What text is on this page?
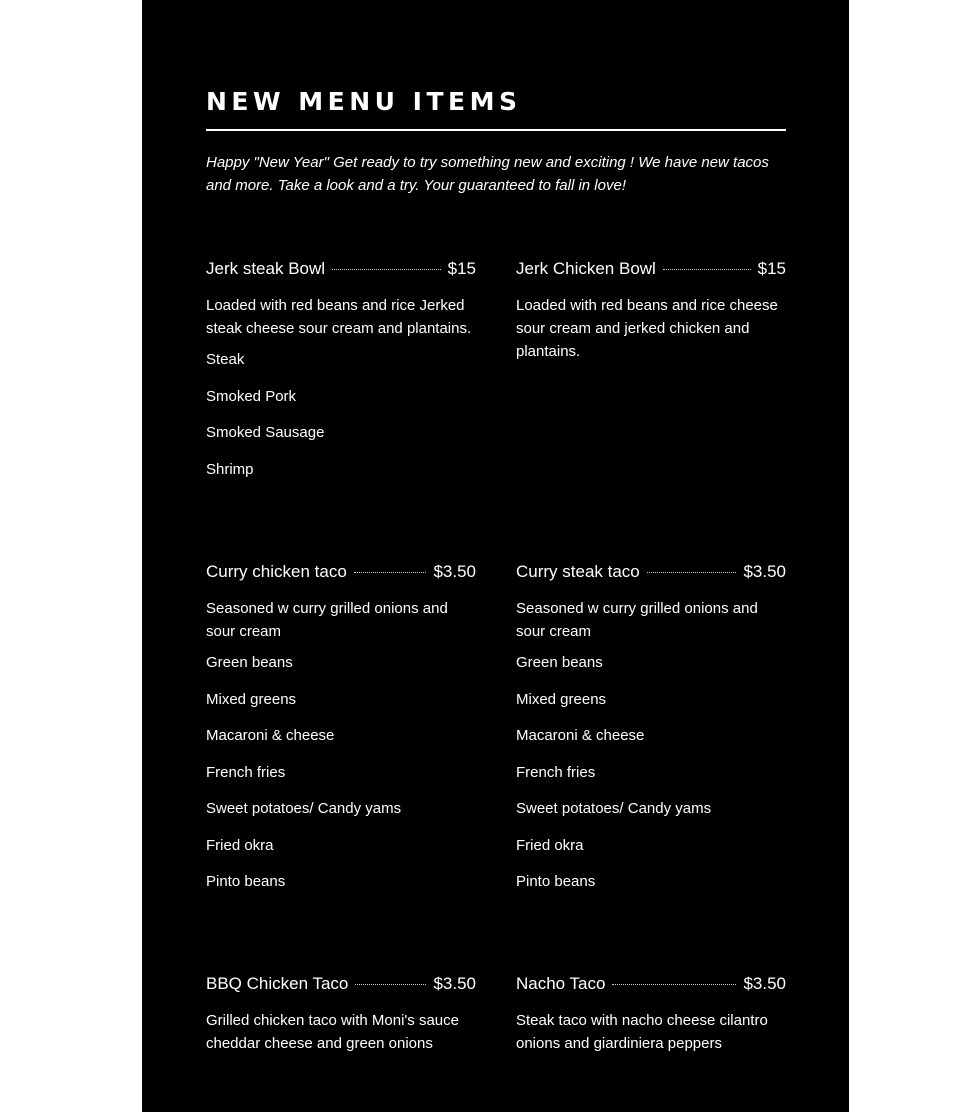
NEW MENU ITEMS

Happy "New Year" Get ready to try something new and exciting ! We have new tacos and more. Take a look and a try. Your guaranteed to fall in love!

Jerk steak Bowl	$15

Loaded with red beans and rice Jerked steak cheese sour cream and plantains.

Steak
Smoked Pork
Smoked Sausage
Shrimp
Jerk Chicken Bowl	$15

Loaded with red beans and rice cheese sour cream and jerked chicken and plantains.

Curry chicken taco	$3.50

Seasoned w curry grilled onions and sour cream

Green beans
Mixed greens
Macaroni & cheese
French fries
Sweet potatoes/ Candy yams
Fried okra
Pinto beans
Curry steak taco	$3.50

Seasoned w curry grilled onions and sour cream

Green beans
Mixed greens
Macaroni & cheese
French fries
Sweet potatoes/ Candy yams
Fried okra
Pinto beans
BBQ Chicken Taco	$3.50

Grilled chicken taco with Moni's sauce cheddar cheese and green onions

Nacho Taco	$3.50

Steak taco with nacho cheese cilantro onions and giardiniera peppers
